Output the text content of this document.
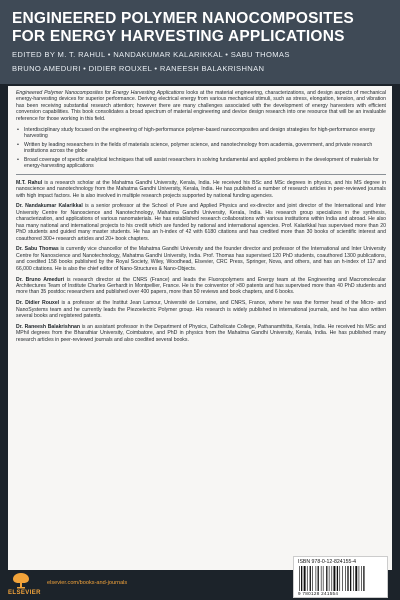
ENGINEERED POLYMER NANOCOMPOSITES
FOR ENERGY HARVESTING APPLICATIONS
EDITED BY M. T. RAHUL • NANDAKUMAR KALARIKKAL • SABU THOMAS
BRUNO AMEDURI • DIDIER ROUXEL • RANEESH BALAKRISHNAN

Engineered Polymer Nanocomposites for Energy Harvesting Applications looks at the material engineering, characterizations, and design aspects of mechanical energy-harvesting devices for superior performance. Deriving electrical energy from various mechanical stimuli, such as stress, elongation, tension, and vibration has been receiving substantial research attention; however there are many challenges associated with the development of energy harvesters with efficient conversion capabilities. This book consolidates a broad spectrum of material engineering and device design research into one resource that will be an invaluable reference for those working in this field.

• Interdisciplinary study focused on the engineering of high-performance polymer-based nanocomposites and design strategies for high-performance energy harvesting
• Written by leading researchers in the fields of materials science, polymer science, and nanotechnology from academia, government, and private research institutions across the globe
• Broad coverage of specific analytical techniques that will assist researchers in solving fundamental and applied problems in the development of materials for energy-harvesting applications

M.T. Rahul is a research scholar at the Mahatma Gandhi University, Kerala, India. He received his BSc and MSc degrees in physics, and his MS degree in nanoscience and nanotechnology from the Mahatma Gandhi University, Kerala, India. He has published a number of research articles in peer-reviewed journals with high impact factors. He is also involved in multiple research projects supported by national funding agencies.

Dr. Nandakumar Kalarikkal is a senior professor at the School of Pure and Applied Physics and ex-director and joint director of the International and Inter University Centre for Nanoscience and Nanotechnology, Mahatma Gandhi University, Kerala, India. His research group specializes in the synthesis, characterization, and applications of various nanomaterials. He has established research collaborations with various institutions within India and abroad. He also has many national and international projects to his credit which are funded by national and international agencies. Prof. Kalarikkal has supervised more than 20 PhD students and guided many master students. He has an h-index of 42 with 6180 citations and has credited more than 30 books of scientific interest and coauthored 300+ research articles and 20+ book chapters.

Dr. Sabu Thomas is currently vice chancellor of the Mahatma Gandhi University and the founder director and professor of the International and Inter University Centre for Nanoscience and Nanotechnology, Mahatma Gandhi University, India. Prof. Thomas has supervised 120 PhD students, coauthored 1300 publications, and coedited 158 books published by the Royal Society, Wiley, Woodhead, Elsevier, CRC Press, Springer, Nova, and others, and has an h-index of 117 and 66,000 citations. He is also the chief editor of Nano-Structures & Nano-Objects.

Dr. Bruno Ameduri is research director at the CNRS (France) and leads the Fluoropolymers and Energy team at the Engineering and Macromolecular Architectures Team of Institute Charles Gerhardt in Montpellier, France. He is the coinventor of >80 patents and has supervised more than 40 PhD students and more than 35 postdoc researchers and published over 400 papers, more than 50 reviews and book chapters, and 6 books.

Dr. Didier Rouxel is a professor at the Institut Jean Lamour, Université de Lorraine, and CNRS, France, where he was the former head of the Micro- and NanoSystems team and he currently leads the Piezoelectric Polymer group. His research is widely published in international journals, and he has also written several books and registered patents.

Dr. Raneesh Balakrishnan is an assistant professor in the Department of Physics, Catholicate College, Pathanamthitta, Kerala, India. He received his MSc and MPhil degrees from the Bharathiar University, Coimbatore, and PhD in physics from the Mahatma Gandhi University, Kerala, India. He has published many research articles in peer-reviewed journals and also coedited several books.

ELSEVIER
elsevier.com/books-and-journals
ISBN 978-0-12-824155-4
9 780128 241554
